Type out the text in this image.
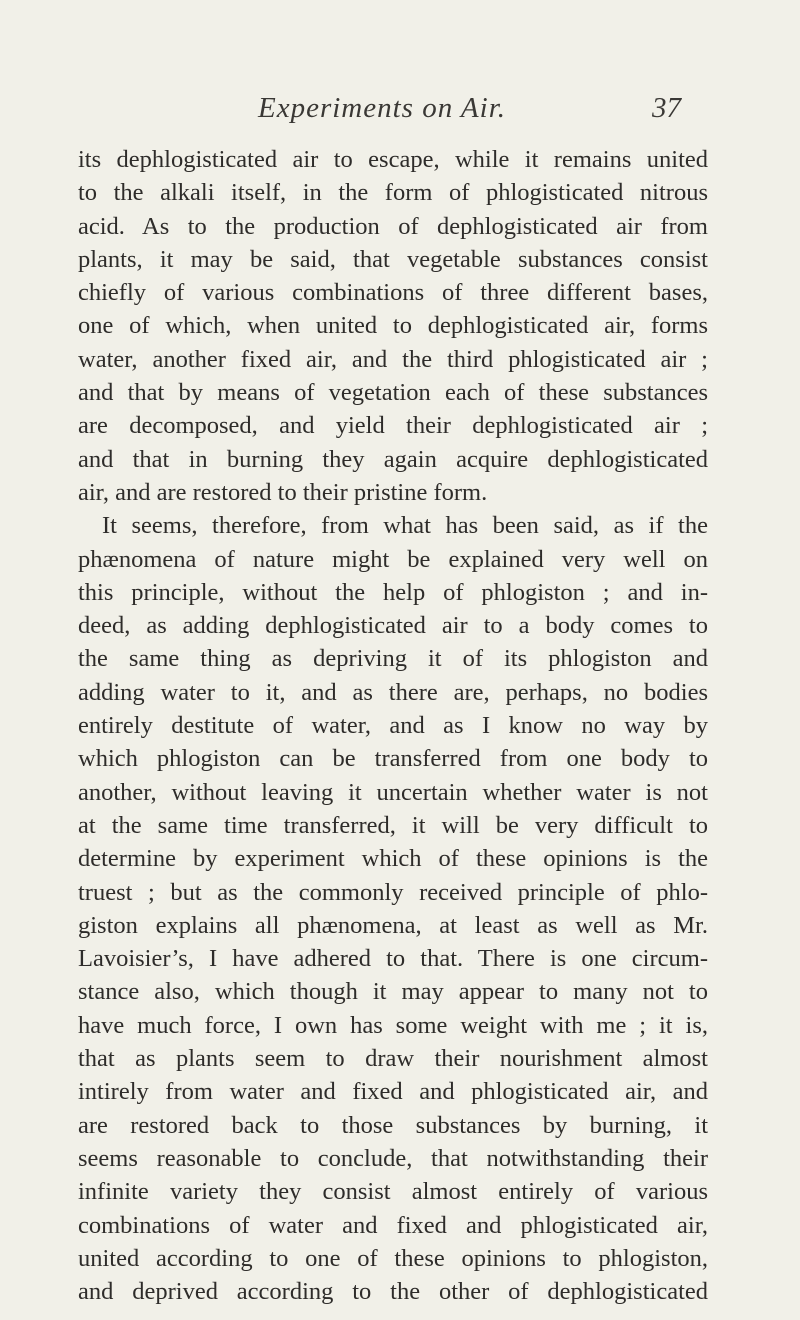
Experiments on Air.	37
its dephlogisticated air to escape, while it remains united
to the alkali itself, in the form of phlogisticated nitrous
acid. As to the production of dephlogisticated air from
plants, it may be said, that vegetable substances consist
chiefly of various combinations of three different bases,
one of which, when united to dephlogisticated air, forms
water, another fixed air, and the third phlogisticated air ;
and that by means of vegetation each of these substances
are decomposed, and yield their dephlogisticated air ;
and that in burning they again acquire dephlogisticated
air, and are restored to their pristine form.
It seems, therefore, from what has been said, as if the
phænomena of nature might be explained very well on
this principle, without the help of phlogiston ; and in-
deed, as adding dephlogisticated air to a body comes to
the same thing as depriving it of its phlogiston and
adding water to it, and as there are, perhaps, no bodies
entirely destitute of water, and as I know no way by
which phlogiston can be transferred from one body to
another, without leaving it uncertain whether water is not
at the same time transferred, it will be very difficult to
determine by experiment which of these opinions is the
truest ; but as the commonly received principle of phlo-
giston explains all phænomena, at least as well as Mr.
Lavoisier’s, I have adhered to that. There is one circum-
stance also, which though it may appear to many not to
have much force, I own has some weight with me ; it is,
that as plants seem to draw their nourishment almost
intirely from water and fixed and phlogisticated air, and
are restored back to those substances by burning, it
seems reasonable to conclude, that notwithstanding their
infinite variety they consist almost entirely of various
combinations of water and fixed and phlogisticated air,
united according to one of these opinions to phlogiston,
and deprived according to the other of dephlogisticated
